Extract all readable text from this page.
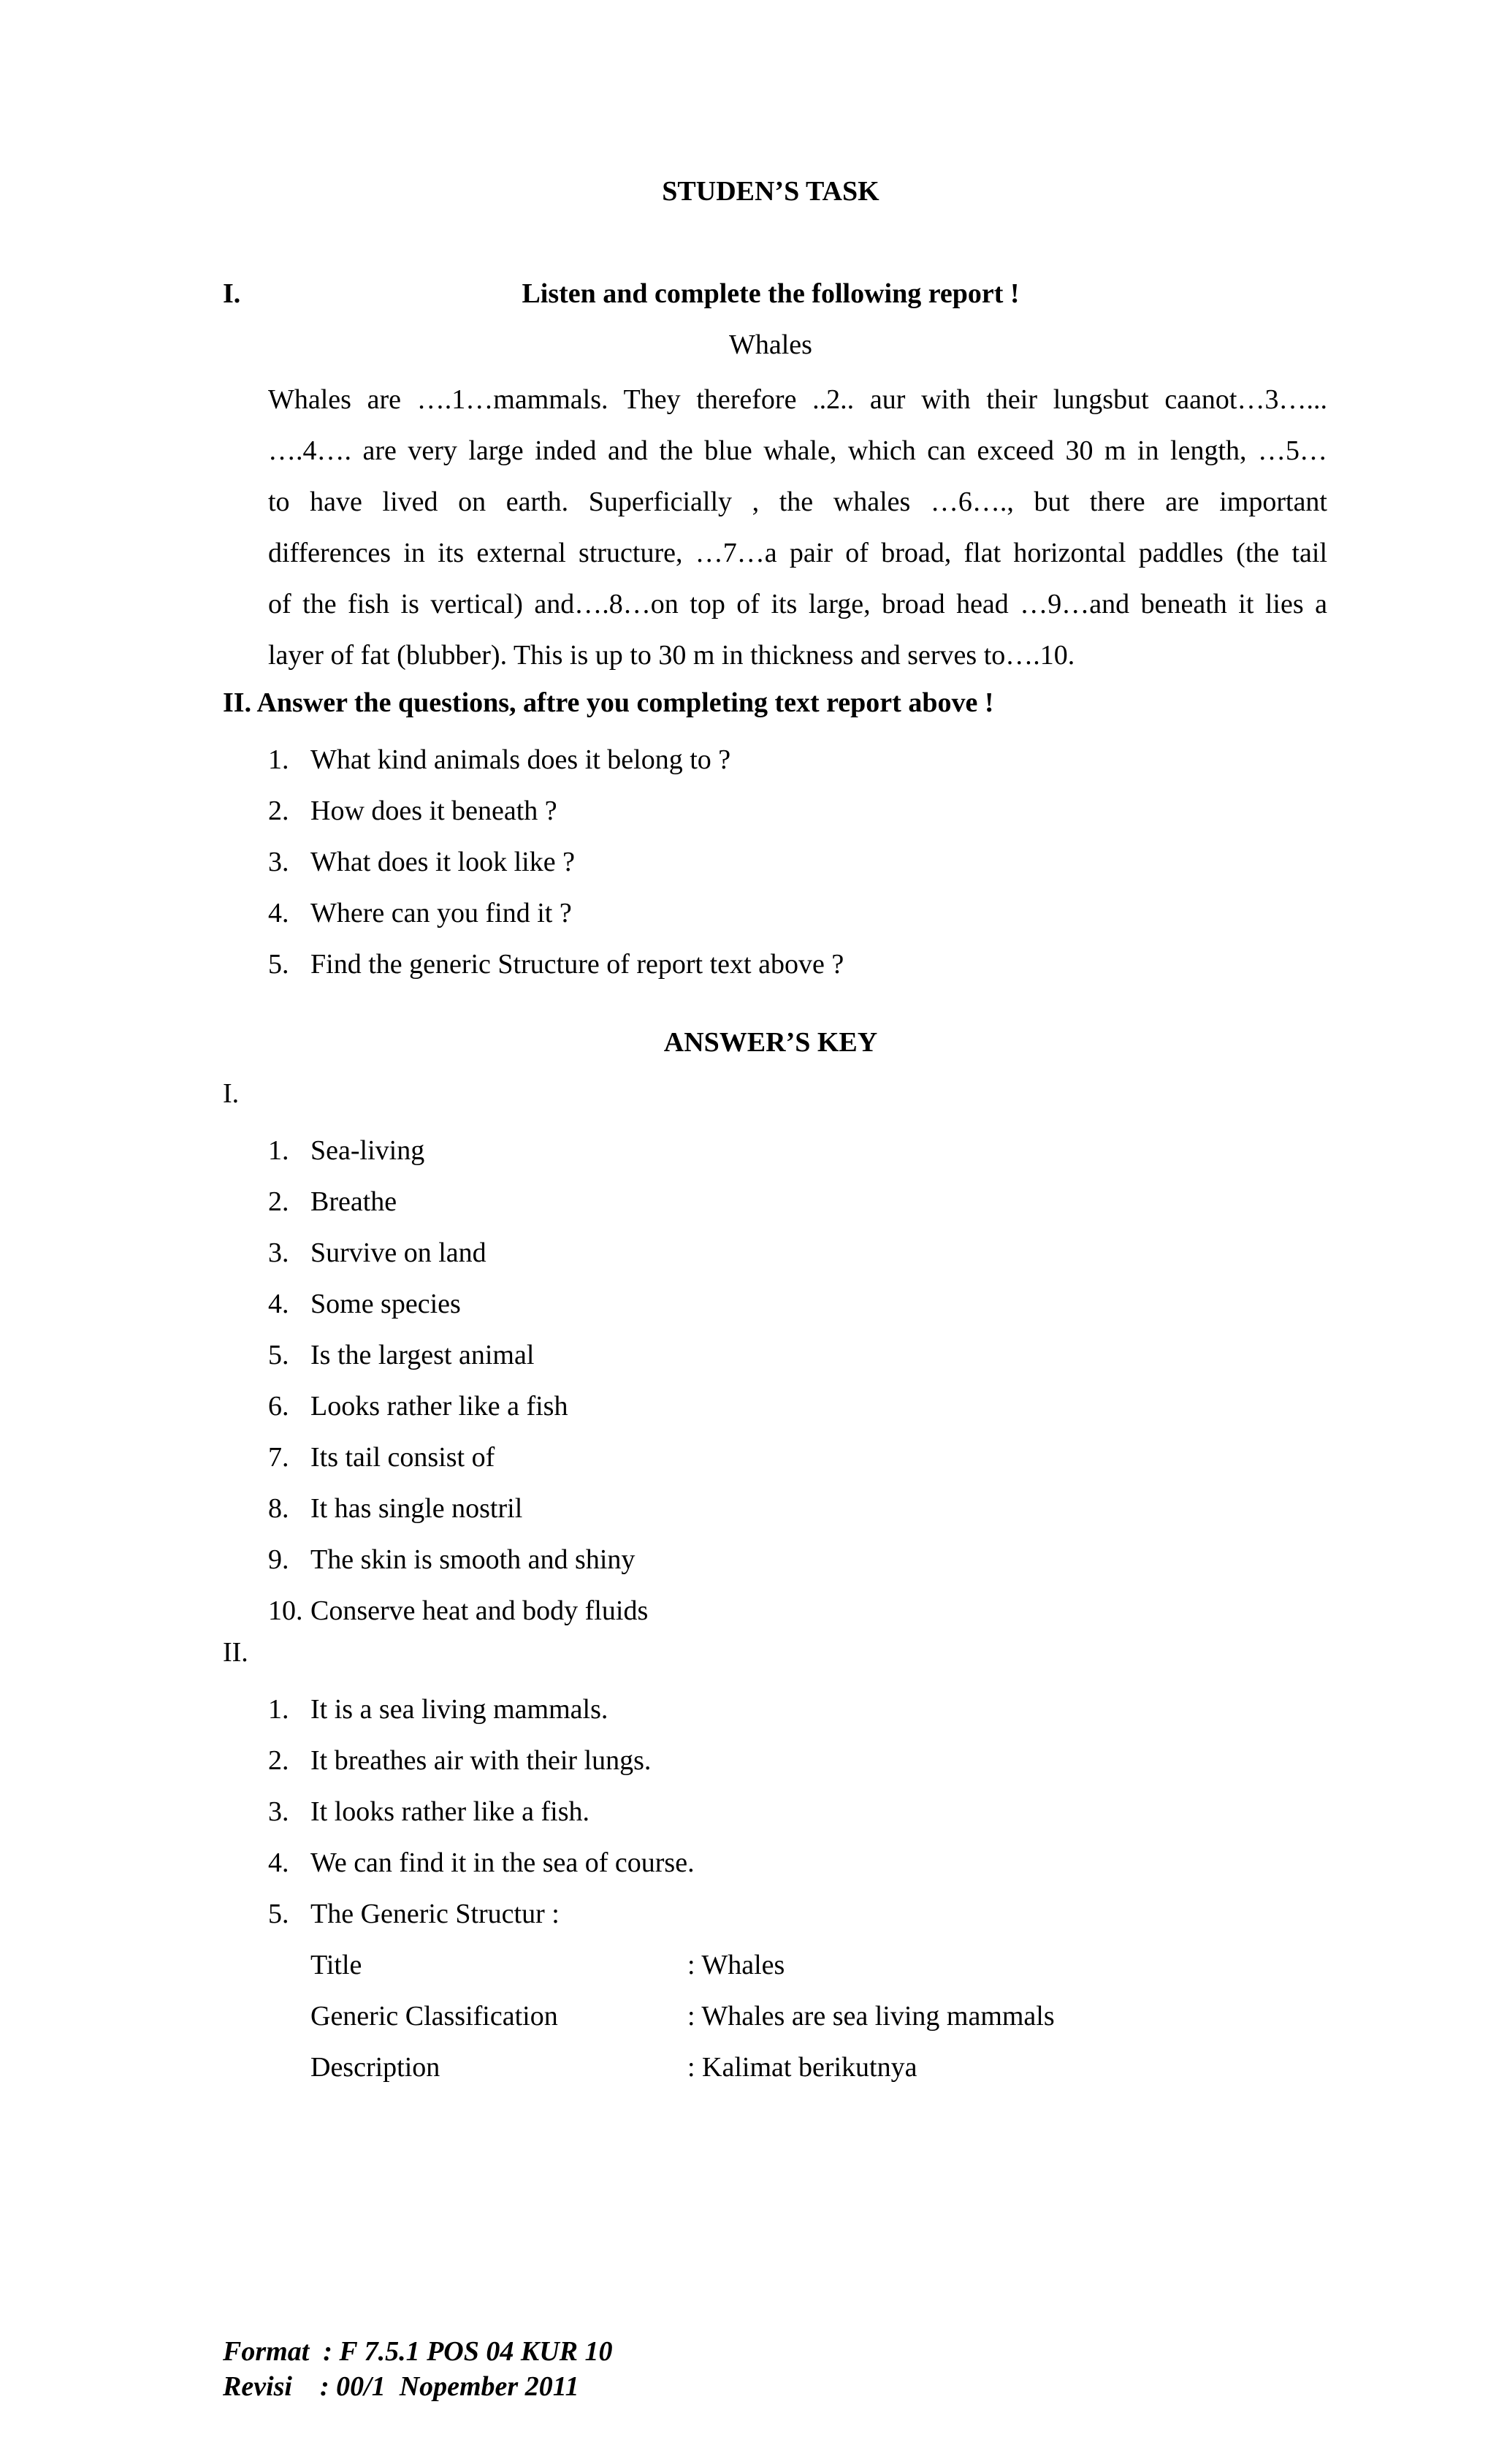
STUDEN’S TASK
I.	Listen and complete the following report !
Whales
Whales are ….1…mammals. They therefore ..2.. aur with their lungsbut caanot…3…...
….4…. are very large inded and the blue whale, which can exceed 30 m in length, …5…
to have lived on earth. Superficially , the whales …6…., but there are important
differences in its external structure, …7…a pair of broad, flat horizontal paddles (the tail
of the fish is vertical) and….8…on top of its large, broad head …9…and beneath it lies a
layer of fat (blubber). This is up to 30 m in thickness and serves to….10.
II. Answer the questions, aftre you completing text report above !
1. What kind animals does it belong to ?
2. How does it beneath ?
3. What does it look like ?
4. Where can you find it ?
5. Find the generic Structure of report text above ?
ANSWER’S KEY
I.
1. Sea-living
2. Breathe
3. Survive on land
4. Some species
5. Is the largest animal
6. Looks rather like a fish
7. Its tail consist of
8. It has single nostril
9. The skin is smooth and shiny
10. Conserve heat and body fluids
II.
1. It is a sea living mammals.
2. It breathes air with their lungs.
3. It looks rather like a fish.
4. We can find it in the sea of course.
5. The Generic Structur :
Title	: Whales
Generic Classification	: Whales are sea living mammals
Description	: Kalimat berikutnya
Format  : F 7.5.1 POS 04 KUR 10
Revisi    : 00/1  Nopember 2011
